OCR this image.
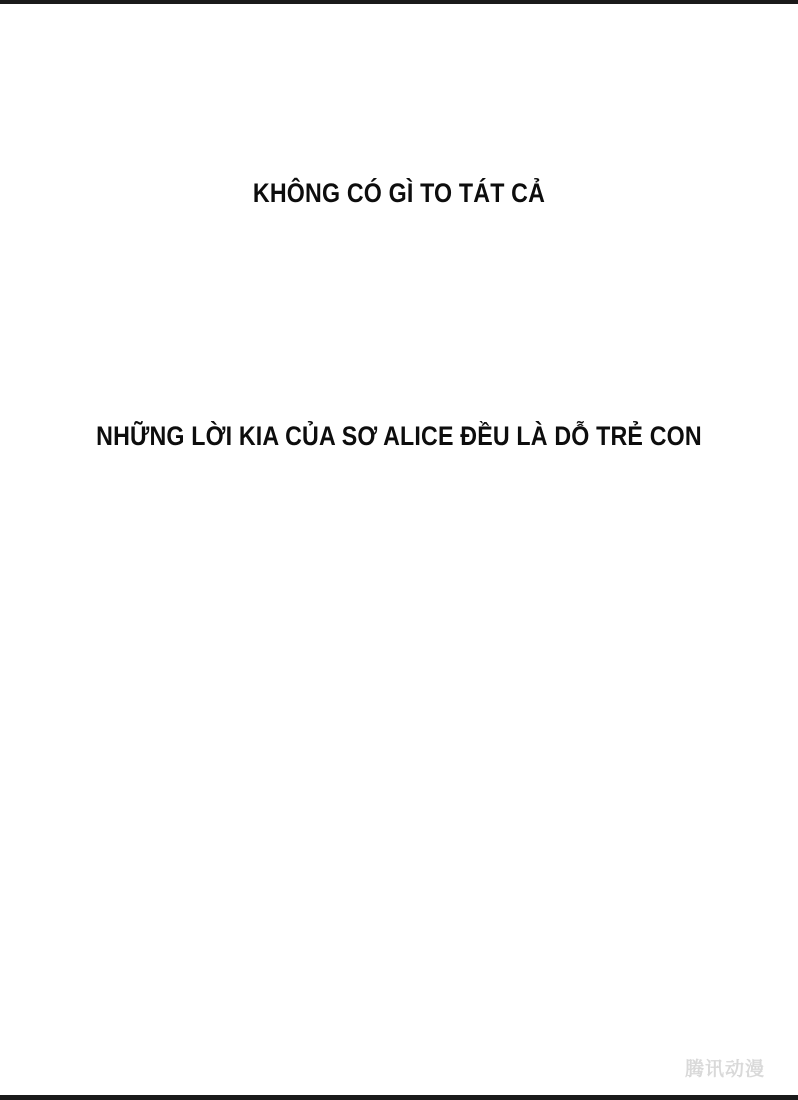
KHÔNG CÓ GÌ TO TÁT CẢ
NHỮNG LỜI KIA CỦA SƠ ALICE ĐỀU LÀ DỖ TRẺ CON
腾讯动漫
